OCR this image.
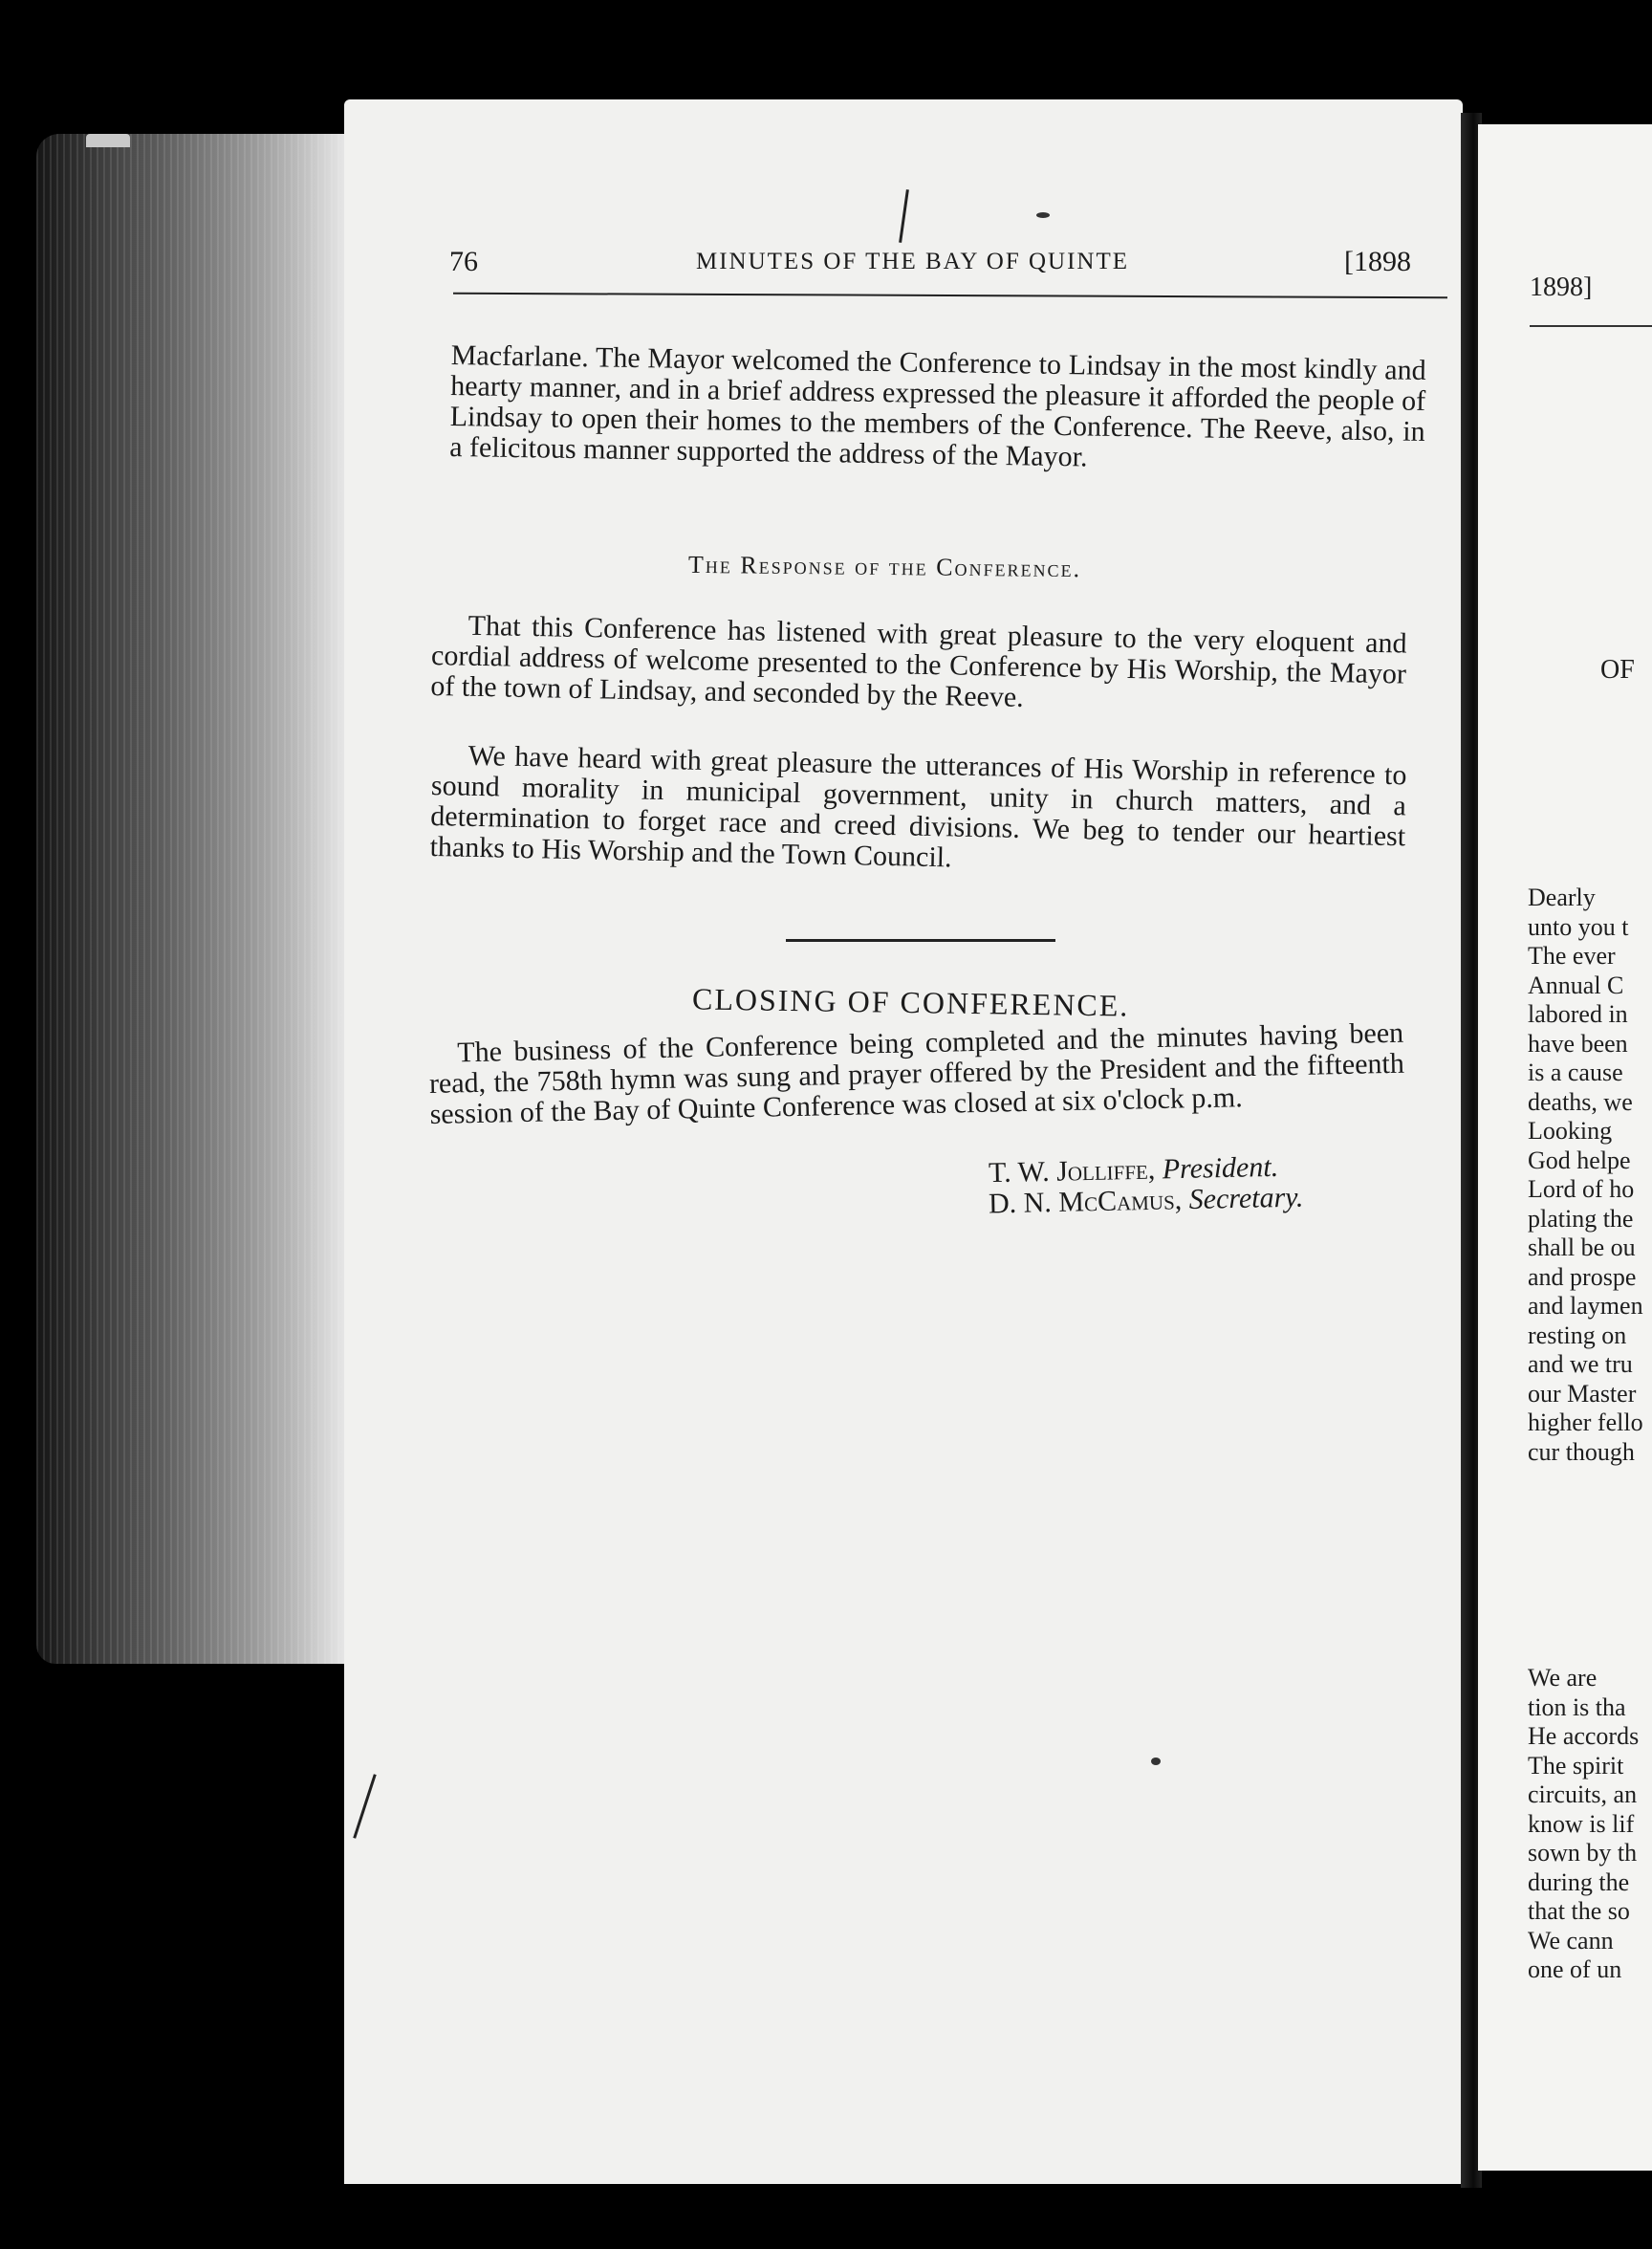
76	MINUTES OF THE BAY OF QUINTE	[1898
Macfarlane. The Mayor welcomed the Conference to Lindsay in the most kindly and hearty manner, and in a brief address expressed the pleasure it afforded the people of Lindsay to open their homes to the members of the Conference. The Reeve, also, in a felicitous manner supported the address of the Mayor.
The Response of the Conference.
That this Conference has listened with great pleasure to the very eloquent and cordial address of welcome presented to the Conference by His Worship, the Mayor of the town of Lindsay, and seconded by the Reeve.
We have heard with great pleasure the utterances of His Worship in reference to sound morality in municipal government, unity in church matters, and a determination to forget race and creed divisions. We beg to tender our heartiest thanks to His Worship and the Town Council.
CLOSING OF CONFERENCE.
The business of the Conference being completed and the minutes having been read, the 758th hymn was sung and prayer offered by the President and the fifteenth session of the Bay of Quinte Conference was closed at six o'clock p.m.
T. W. Jolliffe, President.
D. N. McCamus, Secretary.
1898]
OF
Dearly
unto you t
The ever
Annual C
labored in
have been
is a cause
deaths, we
Looking
God helpe
Lord of ho
plating the
shall be ou
and prospe
and laymen
resting on
and we tru
our Master
higher fello
cur though
We are
tion is tha
He accords
The spirit
circuits, an
know is lif
sown by th
during the
that the so
We cann
one of un
